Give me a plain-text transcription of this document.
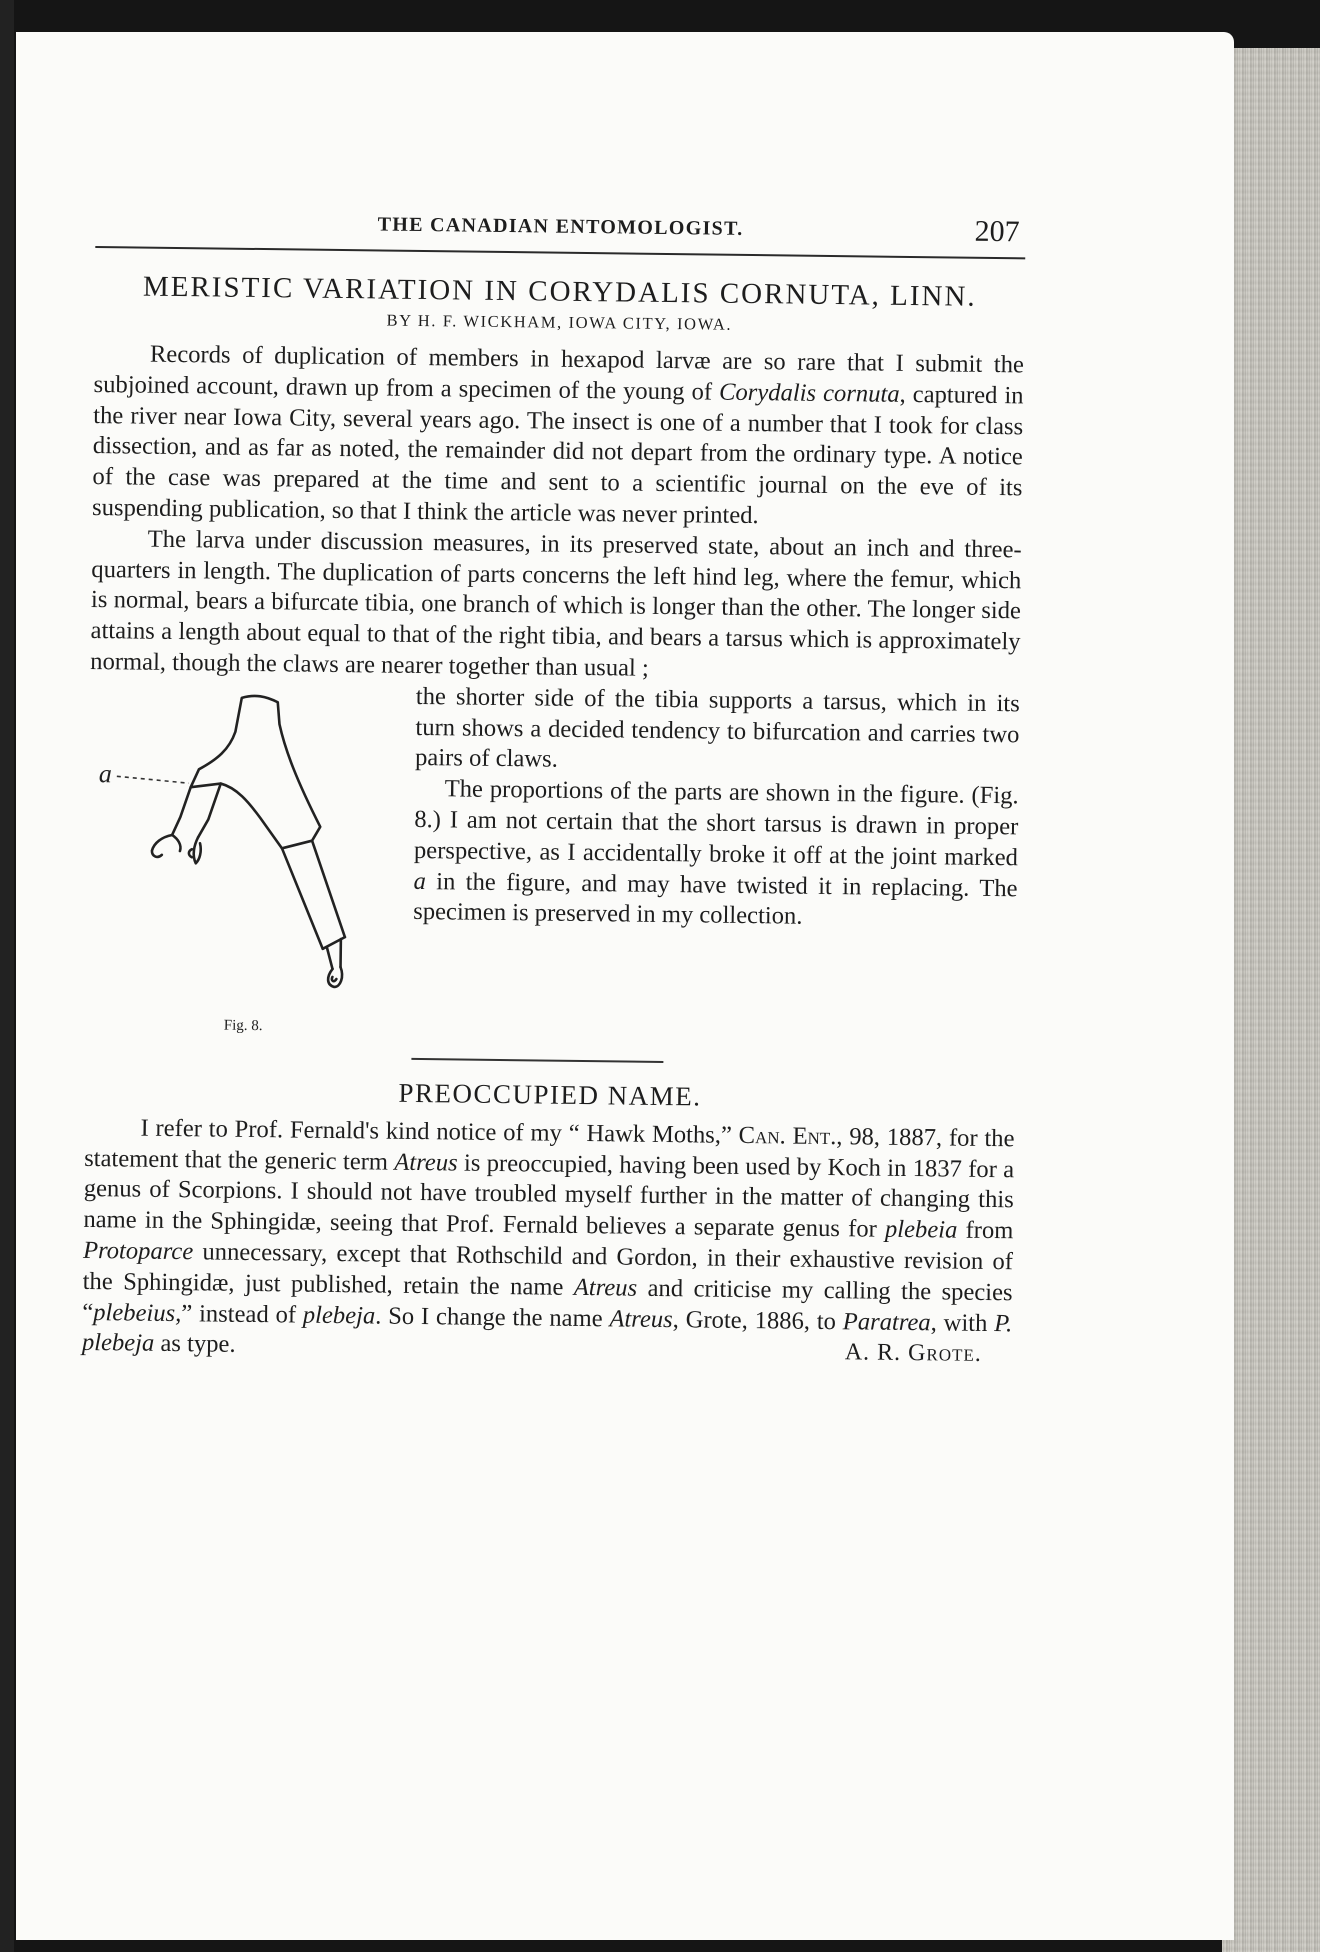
THE CANADIAN ENTOMOLOGIST.	207
MERISTIC VARIATION IN CORYDALIS CORNUTA, LINN.
BY H. F. WICKHAM, IOWA CITY, IOWA.

Records of duplication of members in hexapod larvæ are so rare that I submit the subjoined account, drawn up from a specimen of the young of Corydalis cornuta, captured in the river near Iowa City, several years ago. The insect is one of a number that I took for class dissection, and as far as noted, the remainder did not depart from the ordinary type. A notice of the case was prepared at the time and sent to a scientific journal on the eve of its suspending publication, so that I think the article was never printed.

The larva under discussion measures, in its preserved state, about an inch and three-quarters in length. The duplication of parts concerns the left hind leg, where the femur, which is normal, bears a bifurcate tibia, one branch of which is longer than the other. The longer side attains a length about equal to that of the right tibia, and bears a tarsus which is approximately normal, though the claws are nearer together than usual ;

a
Fig. 8.

the shorter side of the tibia supports a tarsus, which in its turn shows a decided tendency to bifurcation and carries two pairs of claws.

The proportions of the parts are shown in the figure. (Fig. 8.) I am not certain that the short tarsus is drawn in proper perspective, as I accidentally broke it off at the joint marked a in the figure, and may have twisted it in replacing. The specimen is preserved in my collection.

PREOCCUPIED NAME.

I refer to Prof. Fernald's kind notice of my “ Hawk Moths,” Can. Ent., 98, 1887, for the statement that the generic term Atreus is preoccupied, having been used by Koch in 1837 for a genus of Scorpions. I should not have troubled myself further in the matter of changing this name in the Sphingidæ, seeing that Prof. Fernald believes a separate genus for plebeia from Protoparce unnecessary, except that Rothschild and Gordon, in their exhaustive revision of the Sphingidæ, just published, retain the name Atreus and criticise my calling the species “plebeius,” instead of plebeja. So I change the name Atreus, Grote, 1886, to Paratrea, with P. plebeja as type.	A. R. Grote.
